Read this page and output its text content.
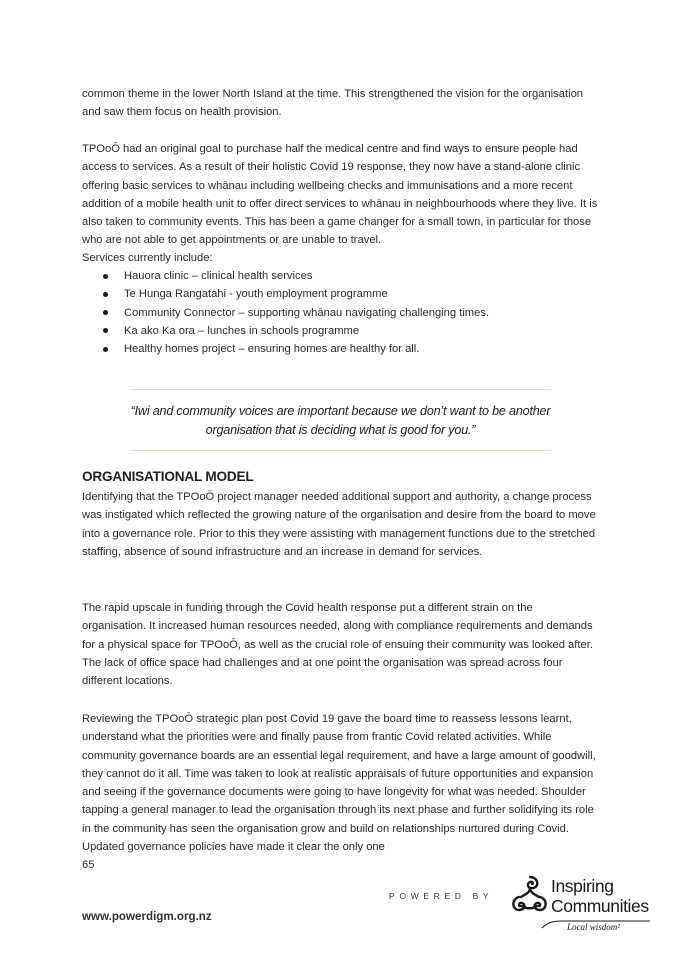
common theme in the lower North Island at the time. This strengthened the vision for the organisation and saw them focus on health provision.

TPOoŌ had an original goal to purchase half the medical centre and find ways to ensure people had access to services. As a result of their holistic Covid 19 response, they now have a stand-alone clinic offering basic services to whānau including wellbeing checks and immunisations and a more recent addition of a mobile health unit to offer direct services to whānau in neighbourhoods where they live. It is also taken to community events. This has been a game changer for a small town, in particular for those who are not able to get appointments or are unable to travel.

Services currently include:

Hauora clinic – clinical health services
Te Hunga Rangatahi - youth employment programme
Community Connector – supporting whānau navigating challenging times.
Ka ako Ka ora – lunches in schools programme
Healthy homes project – ensuring homes are healthy for all.

“Iwi and community voices are important because we don’t want to be another organisation that is deciding what is good for you.”

ORGANISATIONAL MODEL

Identifying that the TPOoŌ project manager needed additional support and authority, a change process was instigated which reflected the growing nature of the organisation and desire from the board to move into a governance role. Prior to this they were assisting with management functions due to the stretched staffing, absence of sound infrastructure and an increase in demand for services.

The rapid upscale in funding through the Covid health response put a different strain on the organisation. It increased human resources needed, along with compliance requirements and demands for a physical space for TPOoŌ, as well as the crucial role of ensuing their community was looked after. The lack of office space had challenges and at one point the organisation was spread across four different locations.

Reviewing the TPOoŌ strategic plan post Covid 19 gave the board time to reassess lessons learnt, understand what the priorities were and finally pause from frantic Covid related activities. While community governance boards are an essential legal requirement, and have a large amount of goodwill, they cannot do it all. Time was taken to look at realistic appraisals of future opportunities and expansion and seeing if the governance documents were going to have longevity for what was needed. Shoulder tapping a general manager to lead the organisation through its next phase and further solidifying its role in the community has seen the organisation grow and build on relationships nurtured during Covid. Updated governance policies have made it clear the only one

65
POWERED BY
www.powerdigm.org.nz
Inspiring
Communities
Local wisdom²
